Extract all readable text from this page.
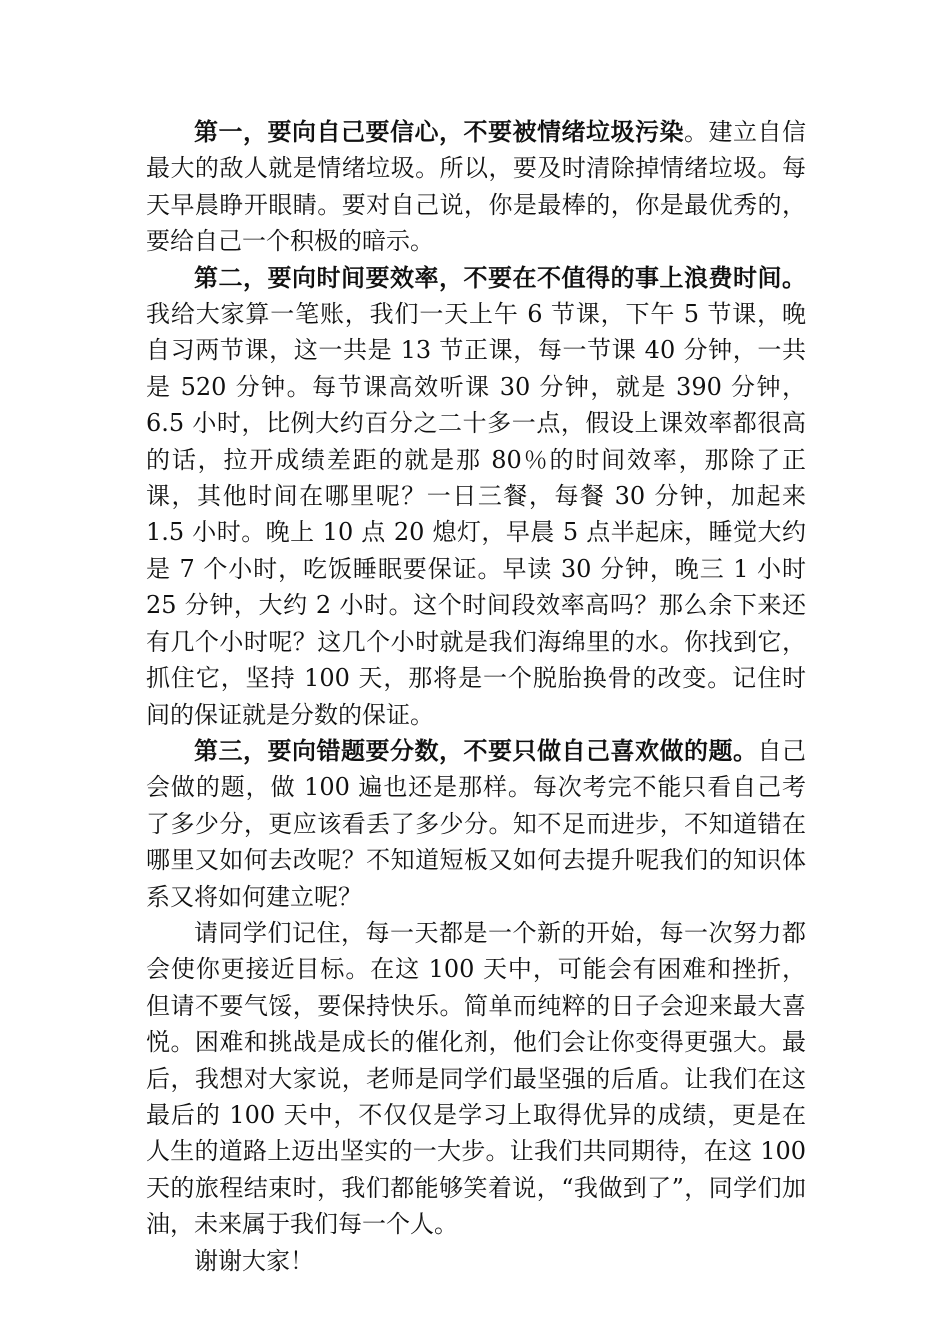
第一，要向自己要信心，不要被情绪垃圾污染。建立自信最大的敌人就是情绪垃圾。所以，要及时清除掉情绪垃圾。每天早晨睁开眼睛。要对自己说，你是最棒的，你是最优秀的，要给自己一个积极的暗示。

第二，要向时间要效率，不要在不值得的事上浪费时间。我给大家算一笔账，我们一天上午 6 节课，下午 5 节课，晚自习两节课，这一共是 13 节正课，每一节课 40 分钟，一共是 520 分钟。每节课高效听课 30 分钟，就是 390 分钟，6.5 小时，比例大约百分之二十多一点，假设上课效率都很高的话，拉开成绩差距的就是那 80％的时间效率，那除了正课，其他时间在哪里呢？一日三餐，每餐 30 分钟，加起来 1.5 小时。晚上 10 点 20 熄灯，早晨 5 点半起床，睡觉大约是 7 个小时，吃饭睡眠要保证。早读 30 分钟，晚三 1 小时 25 分钟，大约 2 小时。这个时间段效率高吗？那么余下来还有几个小时呢？这几个小时就是我们海绵里的水。你找到它，抓住它，坚持 100 天，那将是一个脱胎换骨的改变。记住时间的保证就是分数的保证。

第三，要向错题要分数，不要只做自己喜欢做的题。自己会做的题，做 100 遍也还是那样。每次考完不能只看自己考了多少分，更应该看丢了多少分。知不足而进步，不知道错在哪里又如何去改呢？不知道短板又如何去提升呢我们的知识体系又将如何建立呢？

请同学们记住，每一天都是一个新的开始，每一次努力都会使你更接近目标。在这 100 天中，可能会有困难和挫折，但请不要气馁，要保持快乐。简单而纯粹的日子会迎来最大喜悦。困难和挑战是成长的催化剂，他们会让你变得更强大。最后，我想对大家说，老师是同学们最坚强的后盾。让我们在这最后的 100 天中，不仅仅是学习上取得优异的成绩，更是在人生的道路上迈出坚实的一大步。让我们共同期待，在这 100 天的旅程结束时，我们都能够笑着说，“我做到了”，同学们加油，未来属于我们每一个人。

谢谢大家！
